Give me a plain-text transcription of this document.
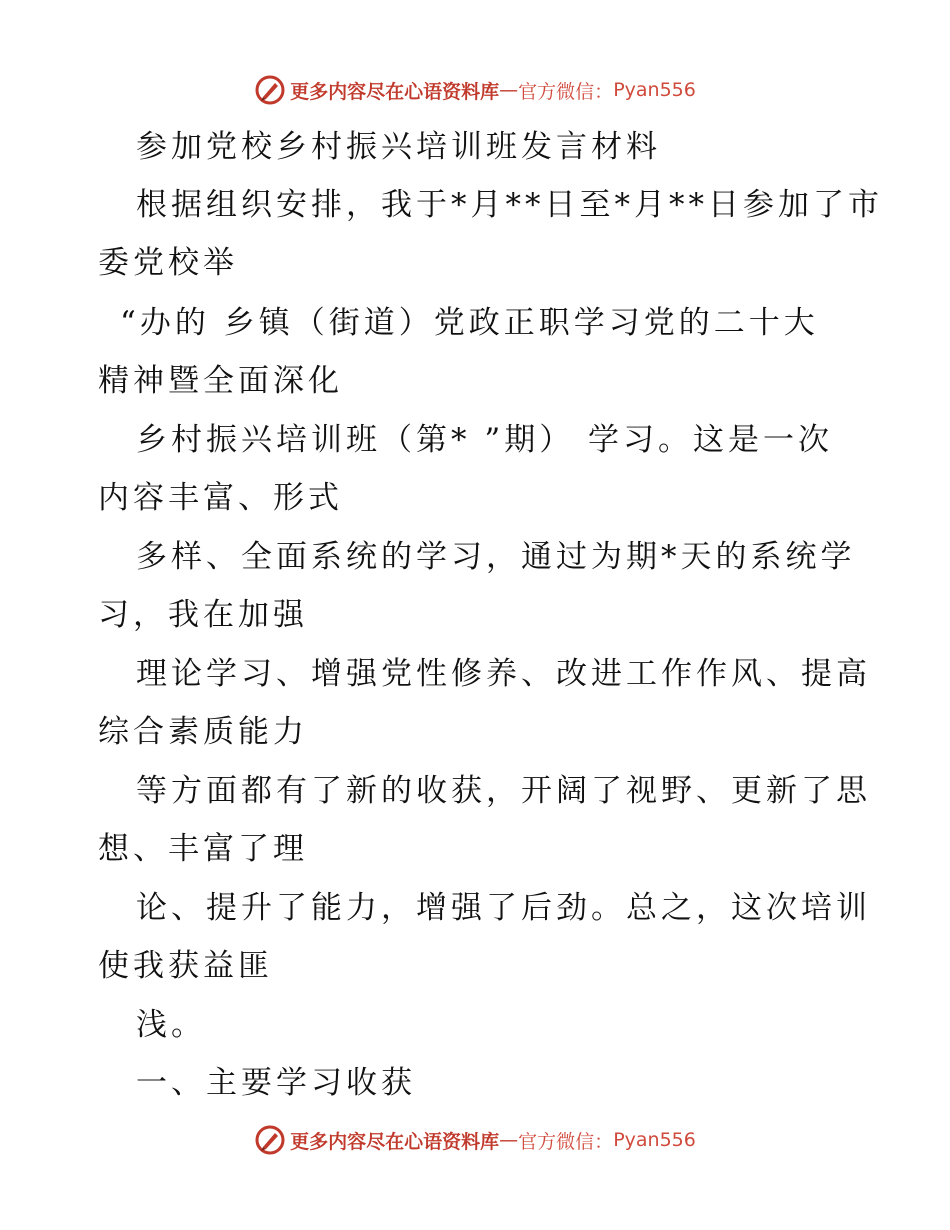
更多内容尽在心语资料库 — 官方微信： Pyan556
参加党校乡村振兴培训班发言材料
根据组织安排，我于*月**日至*月**日参加了市
委党校举
“办的 乡镇（街道）党政正职学习党的二十大
精神暨全面深化
乡村振兴培训班（第* ”期） 学习。这是一次
内容丰富、形式
多样、全面系统的学习，通过为期*天的系统学
习，我在加强
理论学习、增强党性修养、改进工作作风、提高
综合素质能力
等方面都有了新的收获，开阔了视野、更新了思
想、丰富了理
论、提升了能力，增强了后劲。总之，这次培训
使我获益匪
浅。
一、主要学习收获
更多内容尽在心语资料库 — 官方微信： Pyan556
